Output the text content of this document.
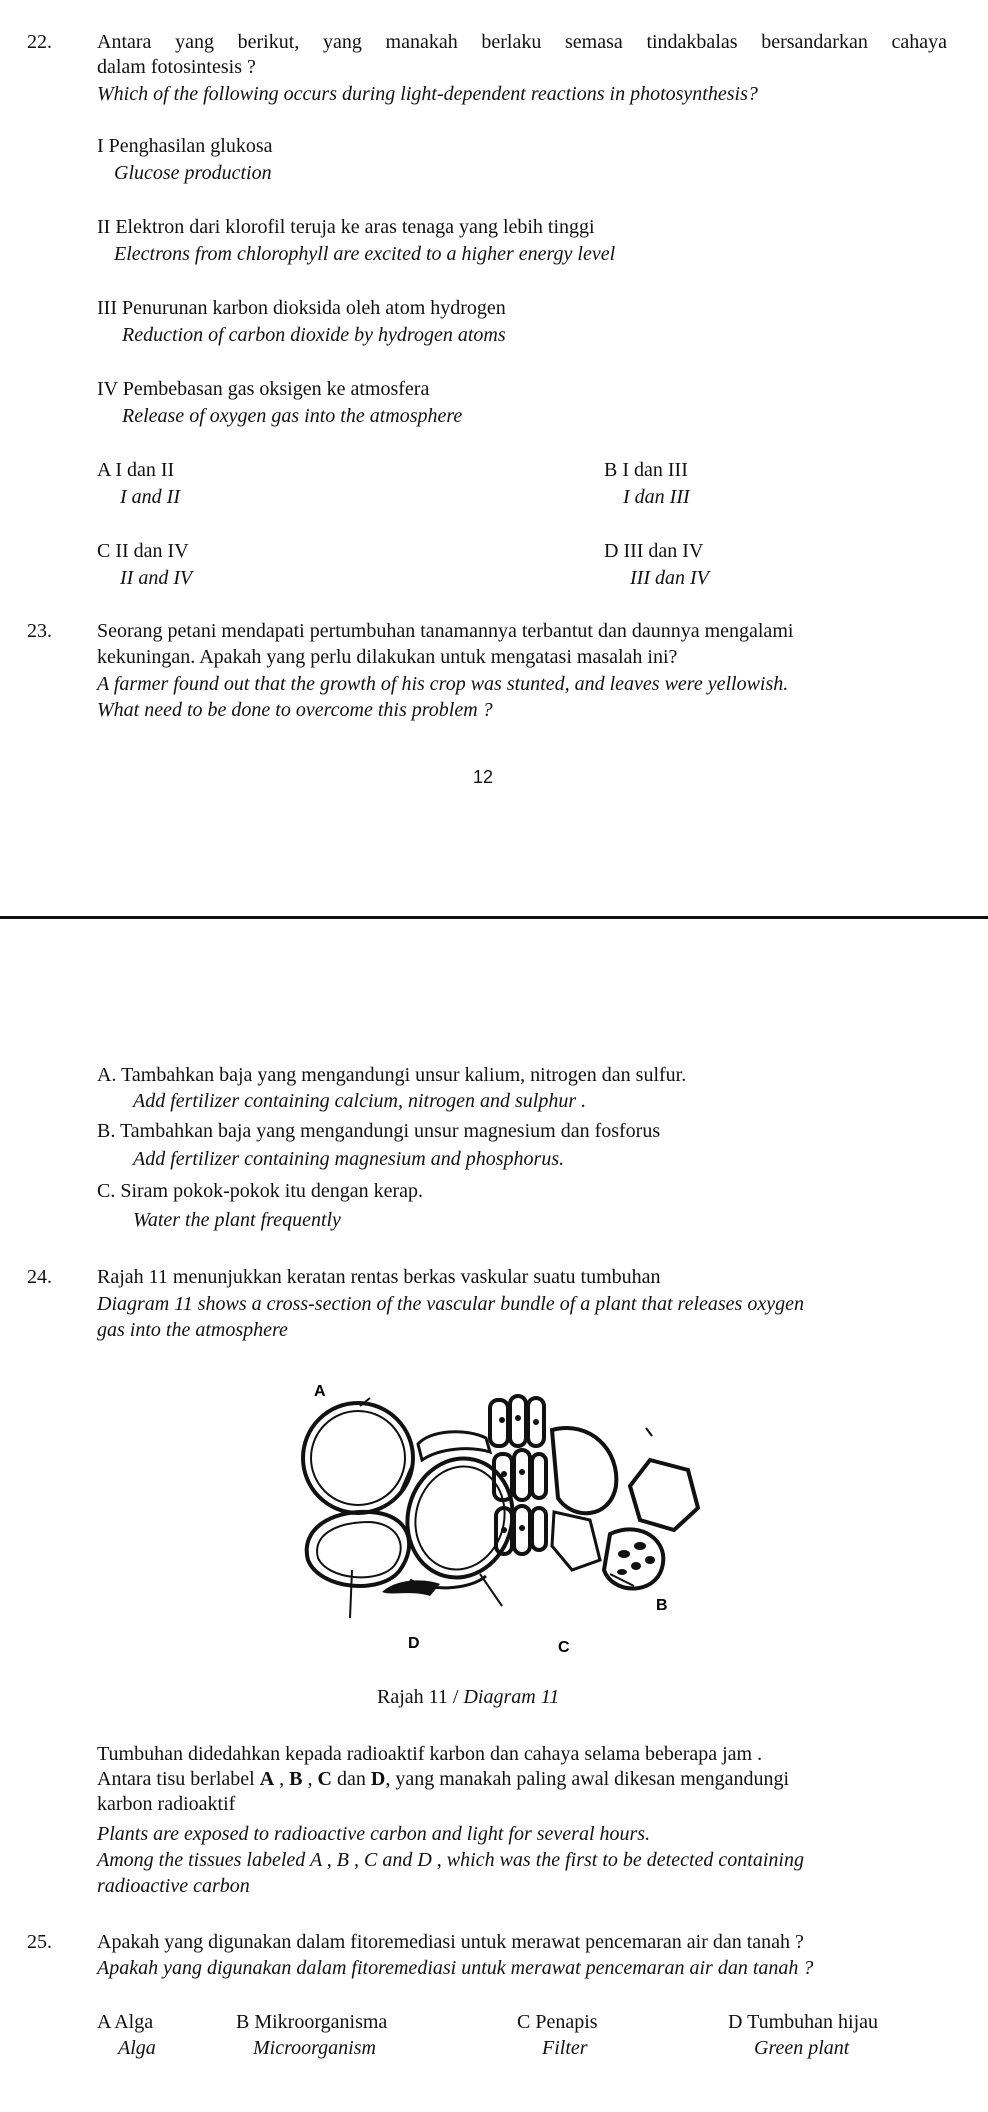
22. Antara yang berikut, yang manakah berlaku semasa tindakbalas bersandarkan cahaya
dalam fotosintesis ?
Which of the following occurs during light-dependent reactions in photosynthesis?
I Penghasilan glukosa
Glucose production
II Elektron dari klorofil teruja ke aras tenaga yang lebih tinggi
Electrons from chlorophyll are excited to a higher energy level
III Penurunan karbon dioksida oleh atom hydrogen
Reduction of carbon dioxide by hydrogen atoms
IV Pembebasan gas oksigen ke atmosfera
Release of oxygen gas into the atmosphere
A I dan II
I and II
B I dan III
I dan III
C II dan IV
II and IV
D III dan IV
III dan IV
23. Seorang petani mendapati pertumbuhan tanamannya terbantut dan daunnya mengalami
kekuningan. Apakah yang perlu dilakukan untuk mengatasi masalah ini?
A farmer found out that the growth of his crop was stunted, and leaves were yellowish.
What need to be done to overcome this problem ?
12
A. Tambahkan baja yang mengandungi unsur kalium, nitrogen dan sulfur.
Add fertilizer containing calcium, nitrogen and sulphur .
B. Tambahkan baja yang mengandungi unsur magnesium dan fosforus
Add fertilizer containing magnesium and phosphorus.
C. Siram pokok-pokok itu dengan kerap.
Water the plant frequently
24. Rajah 11 menunjukkan keratan rentas berkas vaskular suatu tumbuhan
Diagram 11 shows a cross-section of the vascular bundle of a plant that releases oxygen
gas into the atmosphere
A
B
C
D
Rajah 11 / Diagram 11
Tumbuhan didedahkan kepada radioaktif karbon dan cahaya selama beberapa jam .
Antara tisu berlabel A , B , C dan D, yang manakah paling awal dikesan mengandungi
karbon radioaktif
Plants are exposed to radioactive carbon and light for several hours.
Among the tissues labeled A , B , C and D , which was the first to be detected containing
radioactive carbon
25. Apakah yang digunakan dalam fitoremediasi untuk merawat pencemaran air dan tanah ?
Apakah yang digunakan dalam fitoremediasi untuk merawat pencemaran air dan tanah ?
A Alga
Alga
B Mikroorganisma
Microorganism
C Penapis
Filter
D Tumbuhan hijau
Green plant
